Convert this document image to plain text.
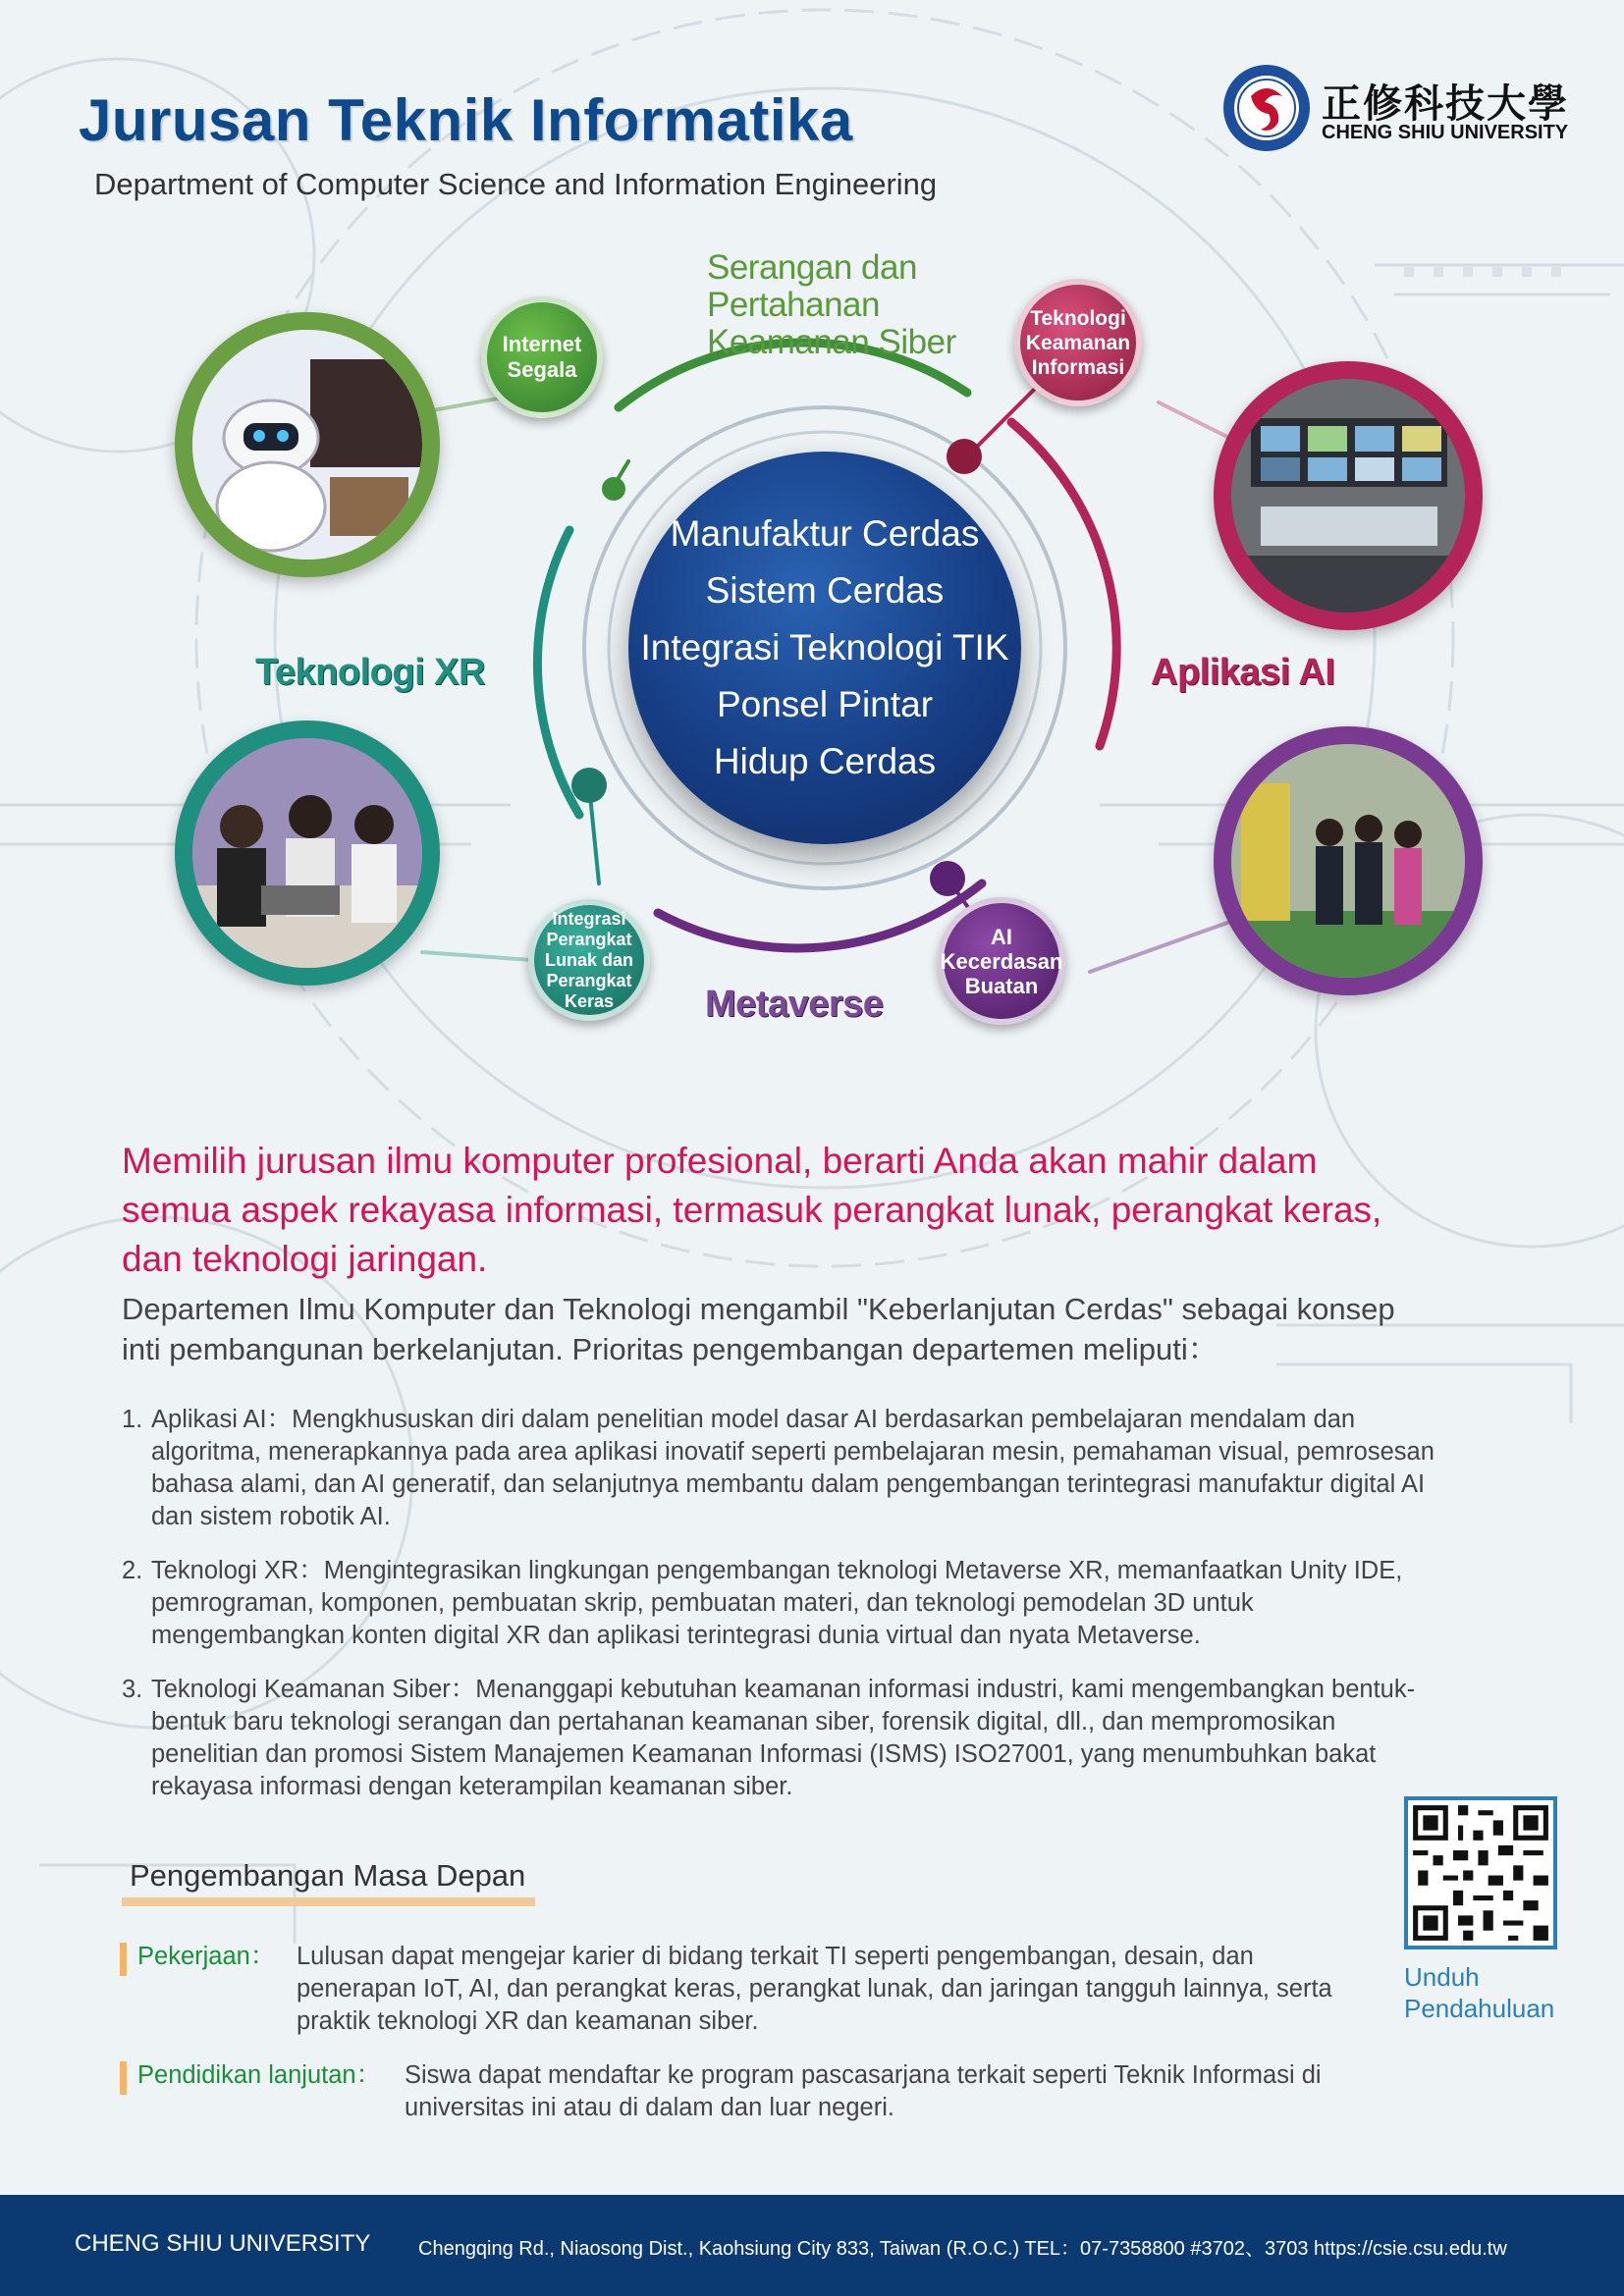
Jurusan Teknik Informatika
Department of Computer Science and Information Engineering
正修科技大學
CHENG SHIU UNIVERSITY
Internet
Segala
Teknologi
Keamanan
Informasi
Integrasi
Perangkat
Lunak dan
Perangkat
Keras
AI
Kecerdasan
Buatan
Manufaktur Cerdas
Sistem Cerdas
Integrasi Teknologi TIK
Ponsel Pintar
Hidup Cerdas
Serangan dan
Pertahanan
Keamanan Siber
Teknologi XR	Aplikasi AI
Metaverse
Memilih jurusan ilmu komputer profesional, berarti Anda akan mahir dalam semua aspek rekayasa informasi, termasuk perangkat lunak, perangkat keras, dan teknologi jaringan.
Departemen Ilmu Komputer dan Teknologi mengambil "Keberlanjutan Cerdas" sebagai konsep inti pembangunan berkelanjutan. Prioritas pengembangan departemen meliputi：
1. Aplikasi AI：Mengkhususkan diri dalam penelitian model dasar AI berdasarkan pembelajaran mendalam dan algoritma, menerapkannya pada area aplikasi inovatif seperti pembelajaran mesin, pemahaman visual, pemrosesan bahasa alami, dan AI generatif, dan selanjutnya membantu dalam pengembangan terintegrasi manufaktur digital AI dan sistem robotik AI.
2. Teknologi XR：Mengintegrasikan lingkungan pengembangan teknologi Metaverse XR, memanfaatkan Unity IDE, pemrograman, komponen, pembuatan skrip, pembuatan materi, dan teknologi pemodelan 3D untuk mengembangkan konten digital XR dan aplikasi terintegrasi dunia virtual dan nyata Metaverse.
3. Teknologi Keamanan Siber：Menanggapi kebutuhan keamanan informasi industri, kami mengembangkan bentuk-bentuk baru teknologi serangan dan pertahanan keamanan siber, forensik digital, dll., dan mempromosikan penelitian dan promosi Sistem Manajemen Keamanan Informasi (ISMS) ISO27001, yang menumbuhkan bakat rekayasa informasi dengan keterampilan keamanan siber.
Pengembangan Masa Depan
Pekerjaan： Lulusan dapat mengejar karier di bidang terkait TI seperti pengembangan, desain, dan penerapan IoT, AI, dan perangkat keras, perangkat lunak, dan jaringan tangguh lainnya, serta praktik teknologi XR dan keamanan siber.
Pendidikan lanjutan： Siswa dapat mendaftar ke program pascasarjana terkait seperti Teknik Informasi di universitas ini atau di dalam dan luar negeri.
Unduh
Pendahuluan
CHENG SHIU UNIVERSITY Chengqing Rd., Niaosong Dist., Kaohsiung City 833, Taiwan (R.O.C.) TEL：07-7358800 #3702、3703 https://csie.csu.edu.tw
